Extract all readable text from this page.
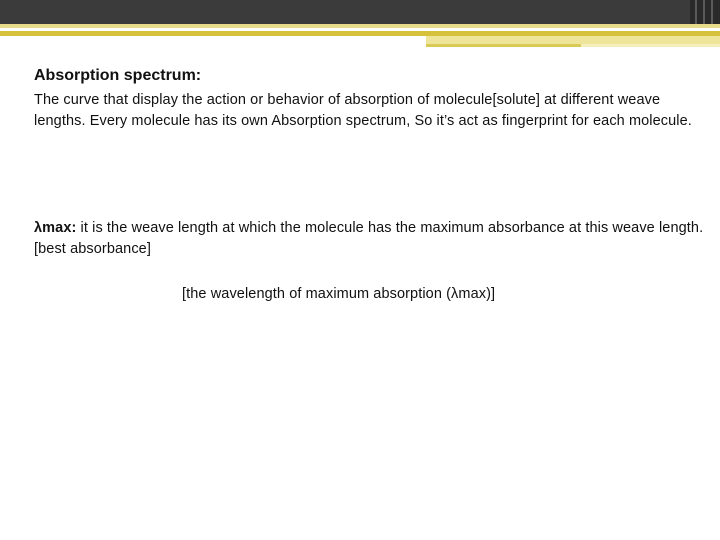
Absorption spectrum:

The curve that display the action or behavior of absorption of molecule[solute] at different weave lengths. Every molecule has its own Absorption spectrum, So it’s act as fingerprint for each molecule.

λmax: it is the weave length at which the molecule has the maximum absorbance at this weave length.[best absorbance]

[the wavelength of maximum absorption (λmax)]
